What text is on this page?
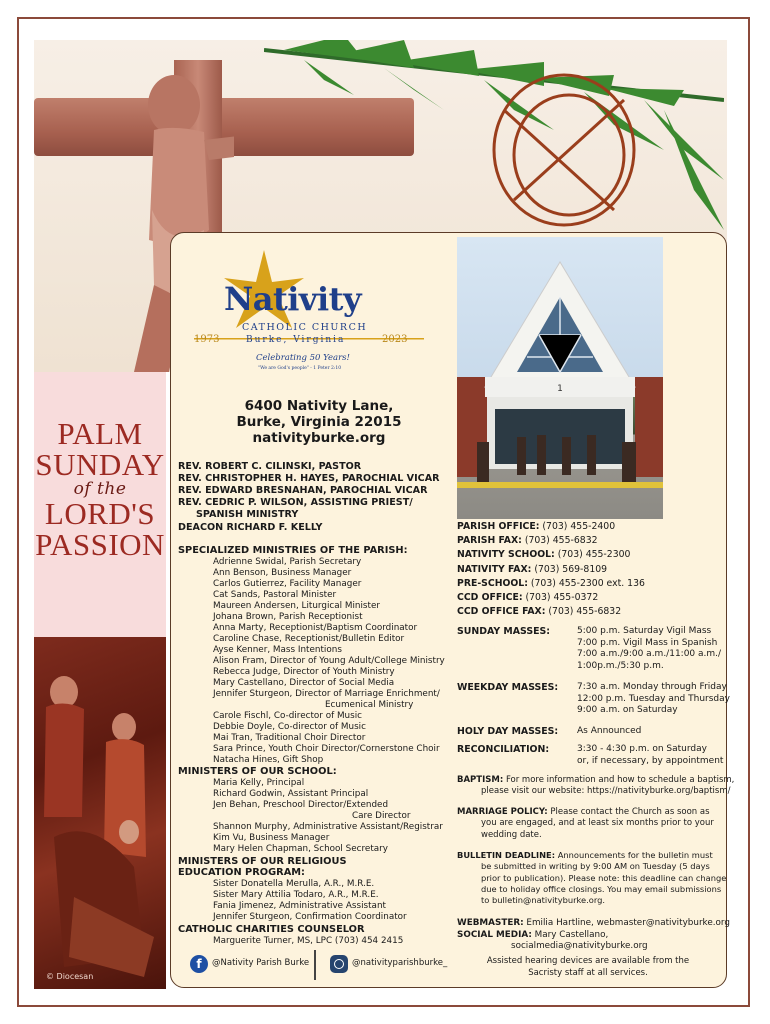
PALM
SUNDAY
of the
LORD'S
PASSION
© Diocesan
1
Nativity
CATHOLIC CHURCH
Burke, Virginia
1973	2023
Celebrating 50 Years!
"We are God's people" - 1 Peter 2:10
6400 Nativity Lane,
Burke, Virginia 22015
nativityburke.org
REV. ROBERT C. CILINSKI, PASTOR
REV. CHRISTOPHER H. HAYES, PAROCHIAL VICAR
REV. EDWARD BRESNAHAN, PAROCHIAL VICAR
REV. CEDRIC P. WILSON, ASSISTING PRIEST/
SPANISH MINISTRY
DEACON RICHARD F. KELLY
SPECIALIZED MINISTRIES OF THE PARISH:
Adrienne Swidal, Parish Secretary
Ann Benson, Business Manager
Carlos Gutierrez, Facility Manager
Cat Sands, Pastoral Minister
Maureen Andersen, Liturgical Minister
Johana Brown, Parish Receptionist
Anna Marty, Receptionist/Baptism Coordinator
Caroline Chase, Receptionist/Bulletin Editor
Ayse Kenner, Mass Intentions
Alison Fram, Director of Young Adult/College Ministry
Rebecca Judge, Director of Youth Ministry
Mary Castellano, Director of Social Media
Jennifer Sturgeon, Director of Marriage Enrichment/
Ecumenical Ministry
Carole Fischl, Co-director of Music
Debbie Doyle, Co-director of Music
Mai Tran, Traditional Choir Director
Sara Prince, Youth Choir Director/Cornerstone Choir
Natacha Hines, Gift Shop
MINISTERS OF OUR SCHOOL:
Maria Kelly, Principal
Richard Godwin, Assistant Principal
Jen Behan, Preschool Director/Extended
Care Director
Shannon Murphy, Administrative Assistant/Registrar
Kim Vu, Business Manager
Mary Helen Chapman, School Secretary
MINISTERS OF OUR RELIGIOUS
EDUCATION PROGRAM:
Sister Donatella Merulla, A.R., M.R.E.
Sister Mary Attilia Todaro, A.R., M.R.E.
Fania Jimenez, Administrative Assistant
Jennifer Sturgeon, Confirmation Coordinator
CATHOLIC CHARITIES COUNSELOR
Marguerite Turner, MS, LPC (703) 454 2415
f	@Nativity Parish Burke	@nativityparishburke_
PARISH OFFICE: (703) 455-2400
PARISH FAX: (703) 455-6832
NATIVITY SCHOOL: (703) 455-2300
NATIVITY FAX: (703) 569-8109
PRE-SCHOOL: (703) 455-2300 ext. 136
CCD OFFICE: (703) 455-0372
CCD OFFICE FAX: (703) 455-6832
SUNDAY MASSES:	5:00 p.m. Saturday Vigil Mass
7:00 p.m. Vigil Mass in Spanish
7:00 a.m./9:00 a.m./11:00 a.m./
1:00p.m./5:30 p.m.
WEEKDAY MASSES: 7:30 a.m. Monday through Friday
12:00 p.m. Tuesday and Thursday
9:00 a.m. on Saturday
HOLY DAY MASSES: As Announced
RECONCILIATION:	3:30 - 4:30 p.m. on Saturday
or, if necessary, by appointment
BAPTISM: For more information and how to schedule a baptism,
please visit our website: https://nativityburke.org/baptism/
MARRIAGE POLICY: Please contact the Church as soon as
you are engaged, and at least six months prior to your
wedding date.
BULLETIN DEADLINE: Announcements for the bulletin must
be submitted in writing by 9:00 AM on Tuesday (5 days
prior to publication). Please note: this deadline can change
due to holiday office closings. You may email submissions
to bulletin@nativityburke.org.
WEBMASTER: Emilia Hartline, webmaster@nativityburke.org
SOCIAL MEDIA: Mary Castellano,
socialmedia@nativityburke.org
Assisted hearing devices are available from the
Sacristy staff at all services.
